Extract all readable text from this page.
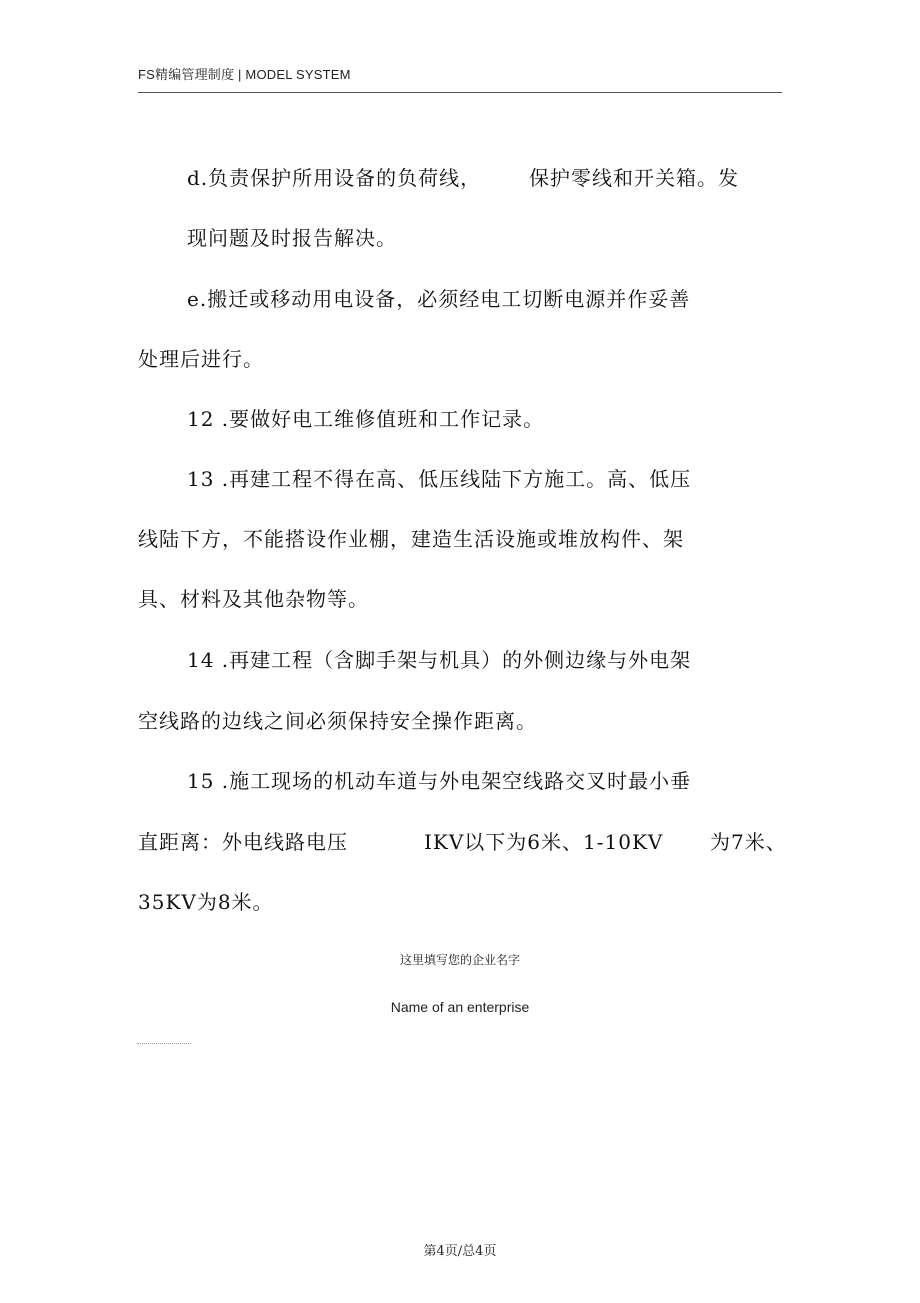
FS精编管理制度 | MODEL SYSTEM
d.负责保护所用设备的负荷线， 保护零线和开关箱。发
现问题及时报告解决。
e.搬迁或移动用电设备，必须经电工切断电源并作妥善
处理后进行。
12 .要做好电工维修值班和工作记录。
13 .再建工程不得在高、低压线陆下方施工。高、低压
线陆下方，不能搭设作业棚，建造生活设施或堆放构件、架
具、材料及其他杂物等。
14 .再建工程（含脚手架与机具）的外侧边缘与外电架
空线路的边线之间必须保持安全操作距离。
15 .施工现场的机动车道与外电架空线路交叉时最小垂
直距离：外电线路电压	IKV以下为6米、1-10KV 为7米、
35KV为8米。
这里填写您的企业名字
Name of an enterprise
第4页/总4页
